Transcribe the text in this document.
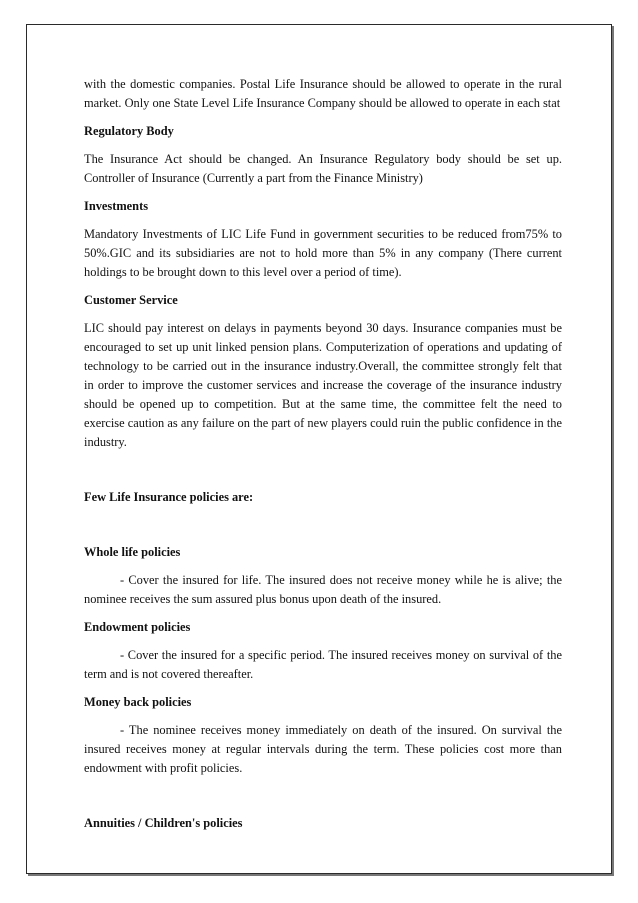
with the domestic companies. Postal Life Insurance should be allowed to operate in the rural market. Only one State Level Life Insurance Company should be allowed to operate in each stat

Regulatory Body

The Insurance Act should be changed. An Insurance Regulatory body should be set up. Controller of Insurance (Currently a part from the Finance Ministry)

Investments

Mandatory Investments of LIC Life Fund in government securities to be reduced from75% to 50%.GIC and its subsidiaries are not to hold more than 5% in any company (There current holdings to be brought down to this level over a period of time).

Customer Service

LIC should pay interest on delays in payments beyond 30 days. Insurance companies must be encouraged to set up unit linked pension plans. Computerization of operations and updating of technology to be carried out in the insurance industry.Overall, the committee strongly felt that in order to improve the customer services and increase the coverage of the insurance industry should be opened up to competition. But at the same time, the committee felt the need to exercise caution as any failure on the part of new players could ruin the public confidence in the industry.

Few Life Insurance policies are:
Whole life policies

- Cover the insured for life. The insured does not receive money while he is alive; the nominee receives the sum assured plus bonus upon death of the insured.

Endowment policies

- Cover the insured for a specific period. The insured receives money on survival of the term and is not covered thereafter.

Money back policies

- The nominee receives money immediately on death of the insured. On survival the insured receives money at regular intervals during the term. These policies cost more than endowment with profit policies.

Annuities / Children's policies
